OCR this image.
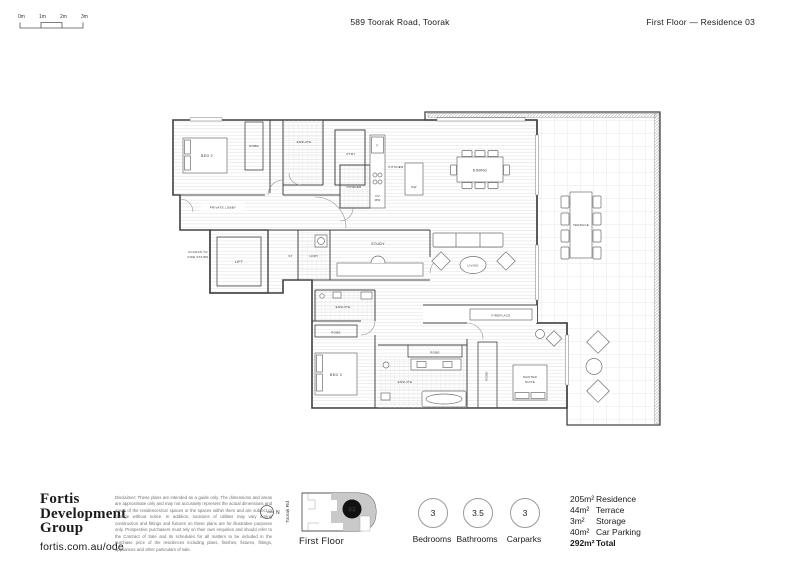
0m	1m	2m	3m	589 Toorak Road, Toorak	First Floor — Residence 03
TERRACE
BED 2
ROBE
ENSUITE
PTRY
KITCHEN
POWDER
PRIVATE LOBBY
DINING
ACCESS TO
FIRE STAIRS
LIFT
ST	LDRY
STUDY
LIVING
FIREPLACE
ENSUITE
ROBE
BED 3
ENSUITE
ROBE
ROBE	MASTER
SUITE
F
DW
OV
MW
Fortis
Development
Group
fortis.com.au/ode
Disclaimer: These plans are intended as a guide only. The dimensions and areas are approximate only and may not accurately represent the actual dimensions and areas of the residences/car spaces or the spaces within them and are subject to change without notice. In addition, locations of utilities may vary during construction and fittings and fixtures on these plans are for illustrative purposes only. Prospective purchasers must rely on their own enquiries and should refer to the Contract of Sale and its schedules for all matters to be included in the purchase price of the residences including plans, finishes, fixtures, fittings, appliances and other particulars of sale.
N Toorak Rd	03
First Floor
3	3.5	3
Bedrooms Bathrooms	Carparks
205m² Residence
44m² Terrace
3m²	Storage
40m² Car Parking
292m² Total
